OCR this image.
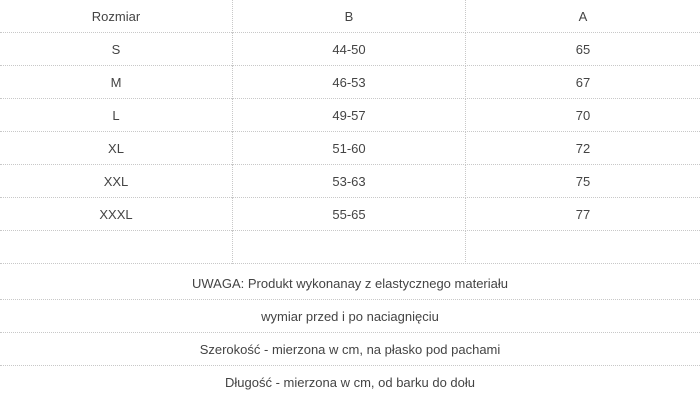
Rozmiar	B	A
S	44-50	65
M	46-53	67
L	49-57	70
XL	51-60	72
XXL	53-63	75
XXXL	55-65	77
UWAGA: Produkt wykonanay z elastycznego materiału
wymiar przed i po naciagnięciu
Szerokość - mierzona w cm, na płasko pod pachami
Długość - mierzona w cm, od barku do dołu
